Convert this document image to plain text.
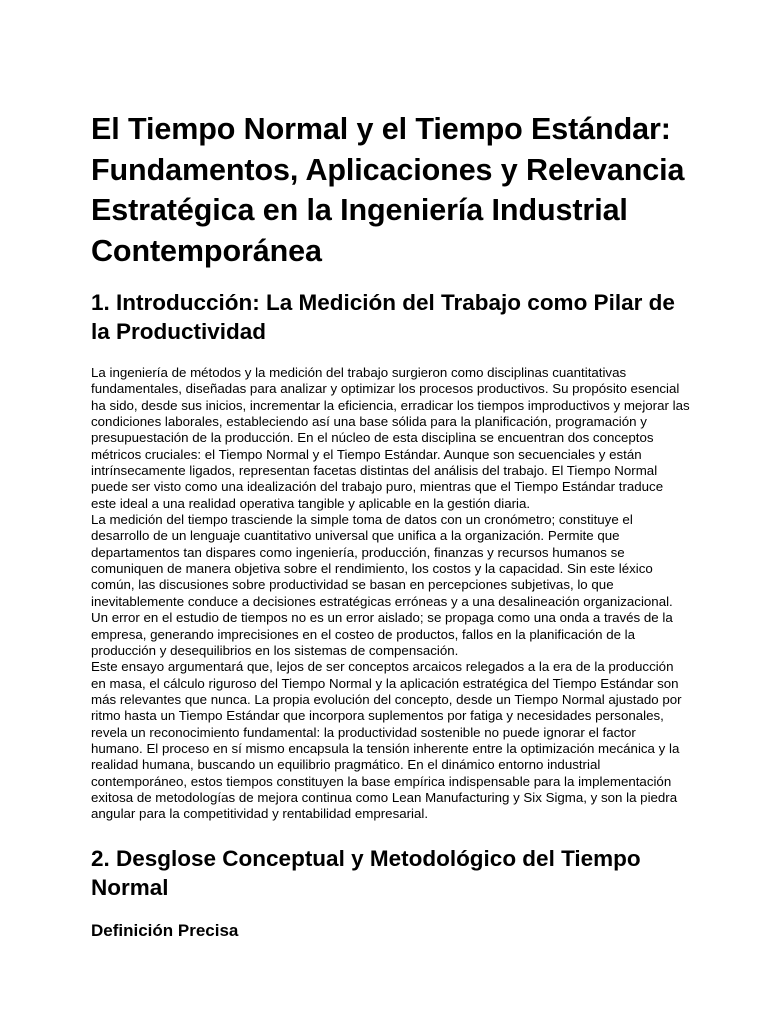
El Tiempo Normal y el Tiempo Estándar: Fundamentos, Aplicaciones y Relevancia Estratégica en la Ingeniería Industrial Contemporánea
1. Introducción: La Medición del Trabajo como Pilar de la Productividad

La ingeniería de métodos y la medición del trabajo surgieron como disciplinas cuantitativas fundamentales, diseñadas para analizar y optimizar los procesos productivos. Su propósito esencial ha sido, desde sus inicios, incrementar la eficiencia, erradicar los tiempos improductivos y mejorar las condiciones laborales, estableciendo así una base sólida para la planificación, programación y presupuestación de la producción. En el núcleo de esta disciplina se encuentran dos conceptos métricos cruciales: el Tiempo Normal y el Tiempo Estándar. Aunque son secuenciales y están intrínsecamente ligados, representan facetas distintas del análisis del trabajo. El Tiempo Normal puede ser visto como una idealización del trabajo puro, mientras que el Tiempo Estándar traduce este ideal a una realidad operativa tangible y aplicable en la gestión diaria.

La medición del tiempo trasciende la simple toma de datos con un cronómetro; constituye el desarrollo de un lenguaje cuantitativo universal que unifica a la organización. Permite que departamentos tan dispares como ingeniería, producción, finanzas y recursos humanos se comuniquen de manera objetiva sobre el rendimiento, los costos y la capacidad. Sin este léxico común, las discusiones sobre productividad se basan en percepciones subjetivas, lo que inevitablemente conduce a decisiones estratégicas erróneas y a una desalineación organizacional. Un error en el estudio de tiempos no es un error aislado; se propaga como una onda a través de la empresa, generando imprecisiones en el costeo de productos, fallos en la planificación de la producción y desequilibrios en los sistemas de compensación.

Este ensayo argumentará que, lejos de ser conceptos arcaicos relegados a la era de la producción en masa, el cálculo riguroso del Tiempo Normal y la aplicación estratégica del Tiempo Estándar son más relevantes que nunca. La propia evolución del concepto, desde un Tiempo Normal ajustado por ritmo hasta un Tiempo Estándar que incorpora suplementos por fatiga y necesidades personales, revela un reconocimiento fundamental: la productividad sostenible no puede ignorar el factor humano. El proceso en sí mismo encapsula la tensión inherente entre la optimización mecánica y la realidad humana, buscando un equilibrio pragmático. En el dinámico entorno industrial contemporáneo, estos tiempos constituyen la base empírica indispensable para la implementación exitosa de metodologías de mejora continua como Lean Manufacturing y Six Sigma, y son la piedra angular para la competitividad y rentabilidad empresarial.

2. Desglose Conceptual y Metodológico del Tiempo Normal
Definición Precisa
